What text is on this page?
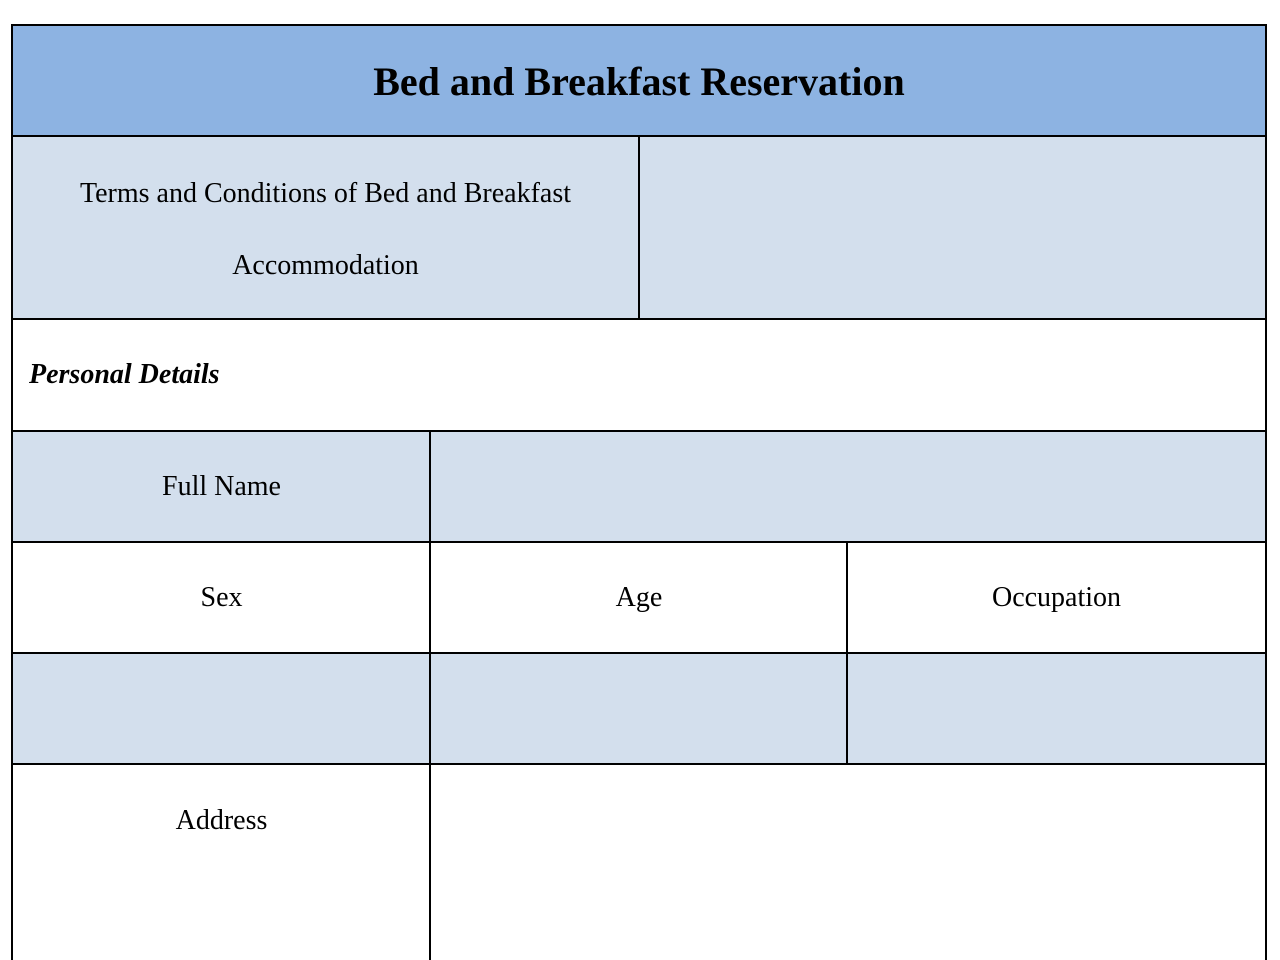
Bed and Breakfast Reservation
Terms and Conditions of Bed and Breakfast Accommodation
Personal Details
Full Name
Sex	Age	Occupation
Address
